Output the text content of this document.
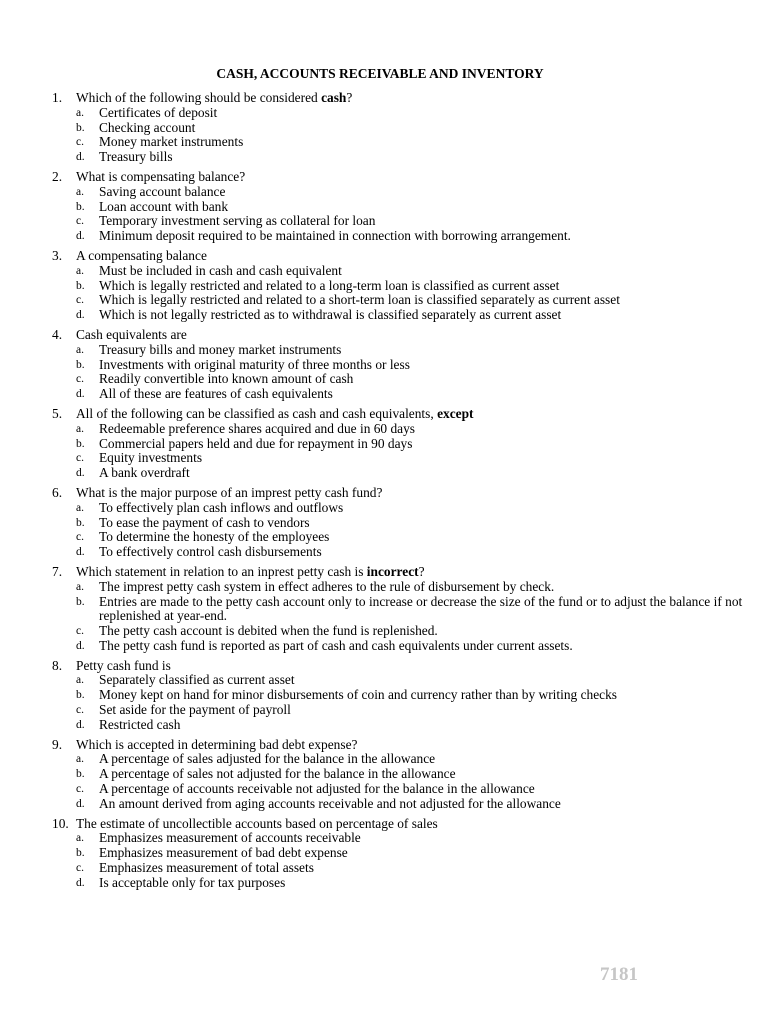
CASH, ACCOUNTS RECEIVABLE AND INVENTORY
1.	Which of the following should be considered cash?
a.	Certificates of deposit
b.	Checking account
c.	Money market instruments
d.	Treasury bills
2.	What is compensating balance?
a.	Saving account balance
b.	Loan account with bank
c.	Temporary investment serving as collateral for loan
d.	Minimum deposit required to be maintained in connection with borrowing arrangement.
3.	A compensating balance
a.	Must be included in cash and cash equivalent
b.	Which is legally restricted and related to a long-term loan is classified as current asset
c.	Which is legally restricted and related to a short-term loan is classified separately as current asset
d.	Which is not legally restricted as to withdrawal is classified separately as current asset
4.	Cash equivalents are
a.	Treasury bills and money market instruments
b.	Investments with original maturity of three months or less
c.	Readily convertible into known amount of cash
d.	All of these are features of cash equivalents
5.	All of the following can be classified as cash and cash equivalents, except
a.	Redeemable preference shares acquired and due in 60 days
b.	Commercial papers held and due for repayment in 90 days
c.	Equity investments
d.	A bank overdraft
6.	What is the major purpose of an imprest petty cash fund?
a.	To effectively plan cash inflows and outflows
b.	To ease the payment of cash to vendors
c.	To determine the honesty of the employees
d.	To effectively control cash disbursements
7.	Which statement in relation to an inprest petty cash is incorrect?
a.	The imprest petty cash system in effect adheres to the rule of disbursement by check.
b.	Entries are made to the petty cash account only to increase or decrease the size of the fund or to adjust the balance if not replenished at year-end.
c.	The petty cash account is debited when the fund is replenished.
d.	The petty cash fund is reported as part of cash and cash equivalents under current assets.
8.	Petty cash fund is
a.	Separately classified as current asset
b.	Money kept on hand for minor disbursements of coin and currency rather than by writing checks
c.	Set aside for the payment of payroll
d.	Restricted cash
9.	Which is accepted in determining bad debt expense?
a.	A percentage of sales adjusted for the balance in the allowance
b.	A percentage of sales not adjusted for the balance in the allowance
c.	A percentage of accounts receivable not adjusted for the balance in the allowance
d.	An amount derived from aging accounts receivable and not adjusted for the allowance
10. The estimate of uncollectible accounts based on percentage of sales
a.	Emphasizes measurement of accounts receivable
b.	Emphasizes measurement of bad debt expense
c.	Emphasizes measurement of total assets
d.	Is acceptable only for tax purposes
7181
